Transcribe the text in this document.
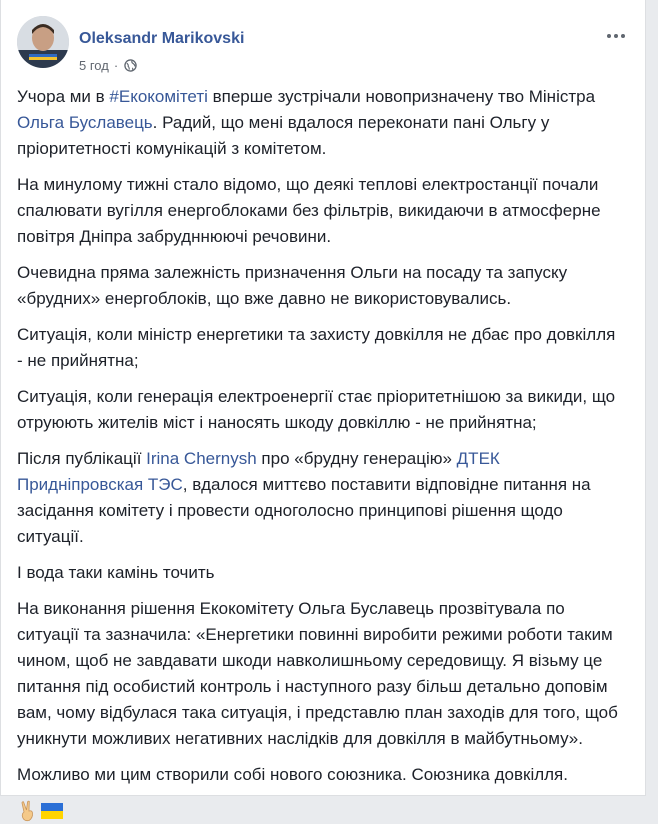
Oleksandr Marikovski
5 год ·

Учора ми в #Екокомітеті вперше зустрічали новопризначену тво Міністра Ольга Буславець. Радий, що мені вдалося переконати пані Ольгу у пріоритетності комунікацій з комітетом.

На минулому тижні стало відомо, що деякі теплові електростанції почали спалювати вугілля енергоблоками без фільтрів, викидаючи в атмосферне повітря Дніпра забрудннюючі речовини.

Очевидна пряма залежність призначення Ольги на посаду та запуску «брудних» енергоблоків, що вже давно не використовувались.

Ситуація, коли міністр енергетики та захисту довкілля не дбає про довкілля - не прийнятна;

Ситуація, коли генерація електроенергії стає пріоритетнішою за викиди, що отруюють жителів міст і наносять шкоду довкіллю - не прийнятна;

Після публікації Irina Chernysh про «брудну генерацію» ДТЕК Придніпровская ТЭС, вдалося миттєво поставити відповідне питання на засідання комітету і провести одноголосно принципові рішення щодо ситуації.

І вода таки камінь точить

На виконання рішення Екокомітету Ольга Буславець прозвітувала по ситуації та зазначила: «Енергетики повинні виробити режими роботи таким чином, щоб не завдавати шкоди навколишньому середовищу. Я візьму це питання під особистий контроль і наступного разу більш детально доповім вам, чому відбулася така ситуація, і представлю план заходів для того, щоб уникнути можливих негативних наслідків для довкілля в майбутньому».

Можливо ми цим створили собі нового союзника. Союзника довкілля.
